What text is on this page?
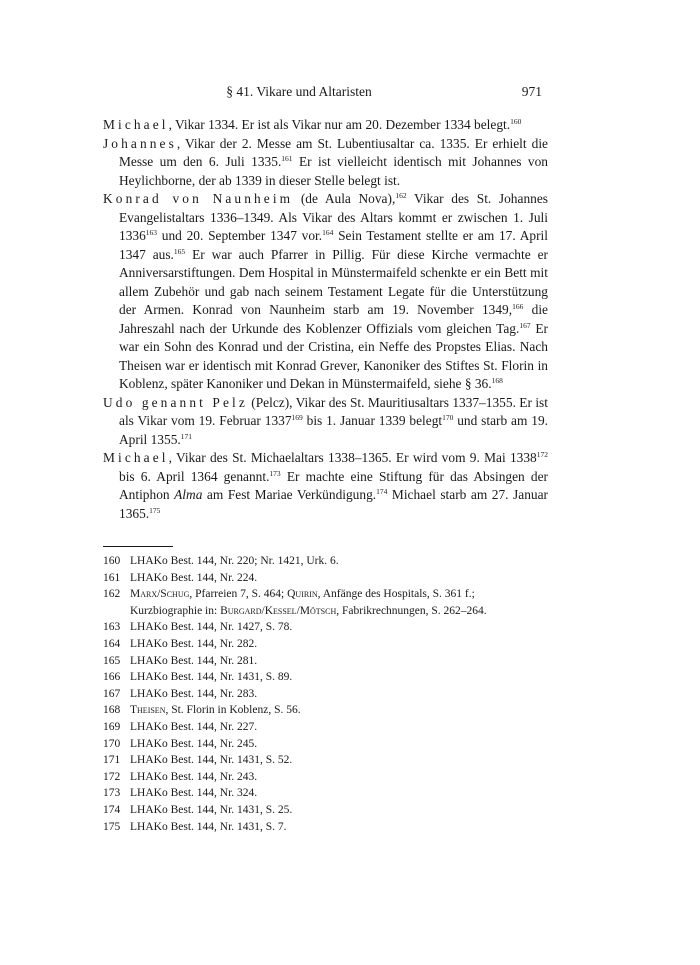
§ 41. Vikare und Altaristen	971

Michael, Vikar 1334. Er ist als Vikar nur am 20. Dezember 1334 belegt.$^{160}$

Johannes, Vikar der 2. Messe am St. Lubentiusaltar ca. 1335. Er erhielt die Messe um den 6. Juli 1335.$^{161}$ Er ist vielleicht identisch mit Johannes von Heylichborne, der ab 1339 in dieser Stelle belegt ist.

Konrad von Naunheim (de Aula Nova),$^{162}$ Vikar des St. Johannes Evangelistaltars 1336–1349. Als Vikar des Altars kommt er zwischen 1. Juli 1336$^{163}$ und 20. September 1347 vor.$^{164}$ Sein Testament stellte er am 17. April 1347 aus.$^{165}$ Er war auch Pfarrer in Pillig. Für diese Kirche vermachte er Anniversarstiftungen. Dem Hospital in Münstermaifeld schenkte er ein Bett mit allem Zubehör und gab nach seinem Testament Legate für die Unterstützung der Armen. Konrad von Naunheim starb am 19. November 1349,$^{166}$ die Jahreszahl nach der Urkunde des Koblenzer Offizials vom gleichen Tag.$^{167}$ Er war ein Sohn des Konrad und der Cristina, ein Neffe des Propstes Elias. Nach Theisen war er identisch mit Konrad Grever, Kanoniker des Stiftes St. Florin in Koblenz, später Kanoniker und Dekan in Münstermaifeld, siehe § 36.$^{168}$

Udo genannt Pelz (Pelcz), Vikar des St. Mauritiusaltars 1337–1355. Er ist als Vikar vom 19. Februar 1337$^{169}$ bis 1. Januar 1339 belegt$^{170}$ und starb am 19. April 1355.$^{171}$

Michael, Vikar des St. Michaelaltars 1338–1365. Er wird vom 9. Mai 1338$^{172}$ bis 6. April 1364 genannt.$^{173}$ Er machte eine Stiftung für das Absingen der Antiphon Alma am Fest Mariae Verkündigung.$^{174}$ Michael starb am 27. Januar 1365.$^{175}$

160 LHAKo Best. 144, Nr. 220; Nr. 1421, Urk. 6.
161 LHAKo Best. 144, Nr. 224.
162 Marx/Schug, Pfarreien 7, S. 464; Quirin, Anfänge des Hospitals, S. 361 f.; Kurzbiographie in: Burgard/Kessel/Mötsch, Fabrikrechnungen, S. 262–264.
163 LHAKo Best. 144, Nr. 1427, S. 78.
164 LHAKo Best. 144, Nr. 282.
165 LHAKo Best. 144, Nr. 281.
166 LHAKo Best. 144, Nr. 1431, S. 89.
167 LHAKo Best. 144, Nr. 283.
168 Theisen, St. Florin in Koblenz, S. 56.
169 LHAKo Best. 144, Nr. 227.
170 LHAKo Best. 144, Nr. 245.
171 LHAKo Best. 144, Nr. 1431, S. 52.
172 LHAKo Best. 144, Nr. 243.
173 LHAKo Best. 144, Nr. 324.
174 LHAKo Best. 144, Nr. 1431, S. 25.
175 LHAKo Best. 144, Nr. 1431, S. 7.
